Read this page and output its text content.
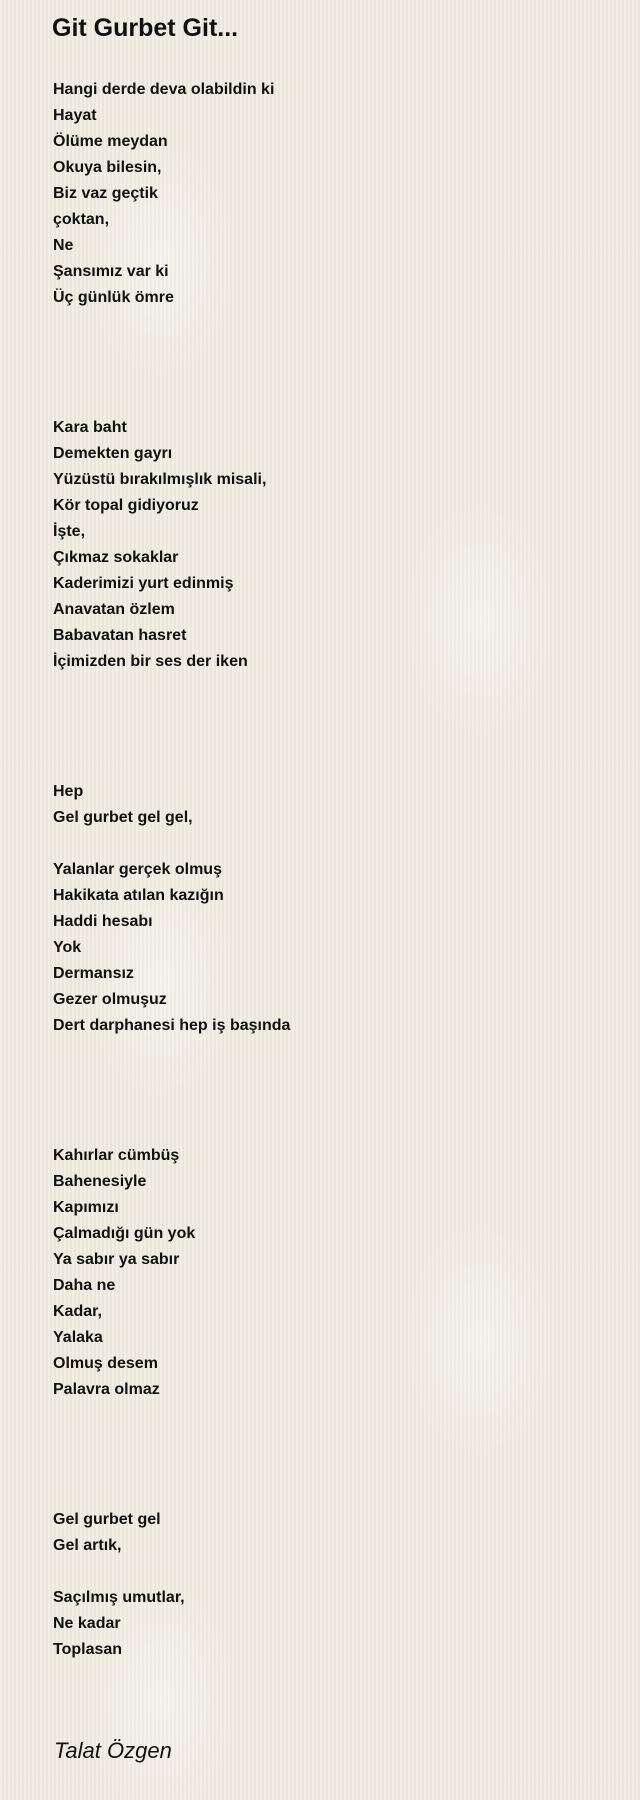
Git Gurbet Git...
Hangi derde deva olabildin ki
Hayat
Ölüme meydan
Okuya bilesin,
Biz vaz geçtik
çoktan,
Ne
Şansımız var ki
Üç günlük ömre
Kara baht
Demekten gayrı
Yüzüstü bırakılmışlık misali,
Kör topal gidiyoruz
İşte,
Çıkmaz sokaklar
Kaderimizi yurt edinmiş
Anavatan özlem
Babavatan hasret
İçimizden bir ses der iken
Hep
Gel gurbet gel gel,
Yalanlar gerçek olmuş
Hakikata atılan kazığın
Haddi hesabı
Yok
Dermansız
Gezer olmuşuz
Dert darphanesi hep iş başında
Kahırlar cümbüş
Bahenesiyle
Kapımızı
Çalmadığı gün yok
Ya sabır ya sabır
Daha ne
Kadar,
Yalaka
Olmuş desem
Palavra olmaz
Gel gurbet gel
Gel artık,
Saçılmış umutlar,
Ne kadar
Toplasan
Talat Özgen
